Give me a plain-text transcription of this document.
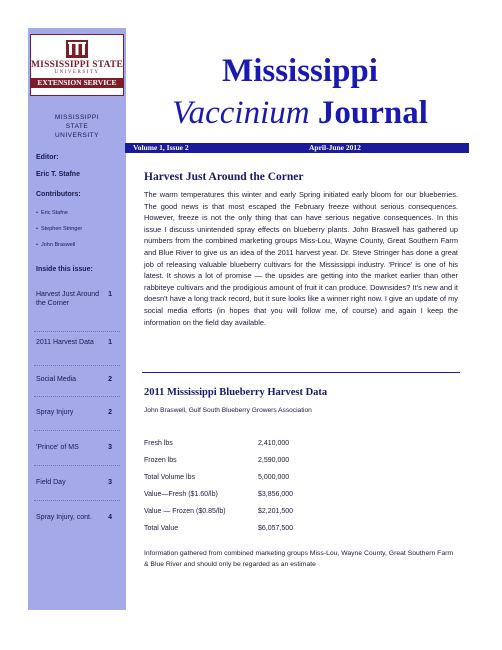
MISSISSIPPI STATE
UNIVERSITY
EXTENSION SERVICE
MISSISSIPPI
STATE
UNIVERSITY
Editor:
Eric T. Stafne
Contributors:
•  Eric Stafne
•  Stephen Stringer
•  John Braswell
Inside this issue:
Harvest Just Around the Corner
1
2011 Harvest Data 1
Social Media	2
Spray Injury	2
'Prince' of MS	3
Field Day	3
Spray Injury, cont. 4
Mississippi
Vaccinium Journal
Volume 1, Issue 2	April-June 2012
Harvest Just Around the Corner
The warm temperatures this winter and early Spring initiated early bloom for our blueberries. The good news is that most escaped the February freeze without serious consequences. However, freeze is not the only thing that can have serious negative consequences. In this issue I discuss unintended spray effects on blueberry plants. John Braswell has gathered up numbers from the combined marketing groups Miss-Lou, Wayne County, Great Southern Farm and Blue River to give us an idea of the 2011 harvest year. Dr. Steve Stringer has done a great job of releasing valuable blueberry cultivars for the Mississippi industry. 'Prince' is one of his latest. It shows a lot of promise — the upsides are getting into the market earlier than other rabbiteye cultivars and the prodigious amount of fruit it can produce. Downsides? It's new and it doesn't have a long track record, but it sure looks like a winner right now. I give an update of my social media efforts (in hopes that you will follow me, of course) and again I keep the information on the field day available.
2011 Mississippi Blueberry Harvest Data
John Braswell, Gulf South Blueberry Growers Association
Fresh lbs	2,410,000
Frozen lbs	2,590,000
Total Volume lbs	5,000,000
Value—Fresh ($1.60/lb)	$3,856,000
Value — Frozen ($0.85/lb)	$2,201,500
Total Value	$6,057,500
Information gathered from combined marketing groups Miss-Lou, Wayne County, Great Southern Farm & Blue River and should only be regarded as an estimate
